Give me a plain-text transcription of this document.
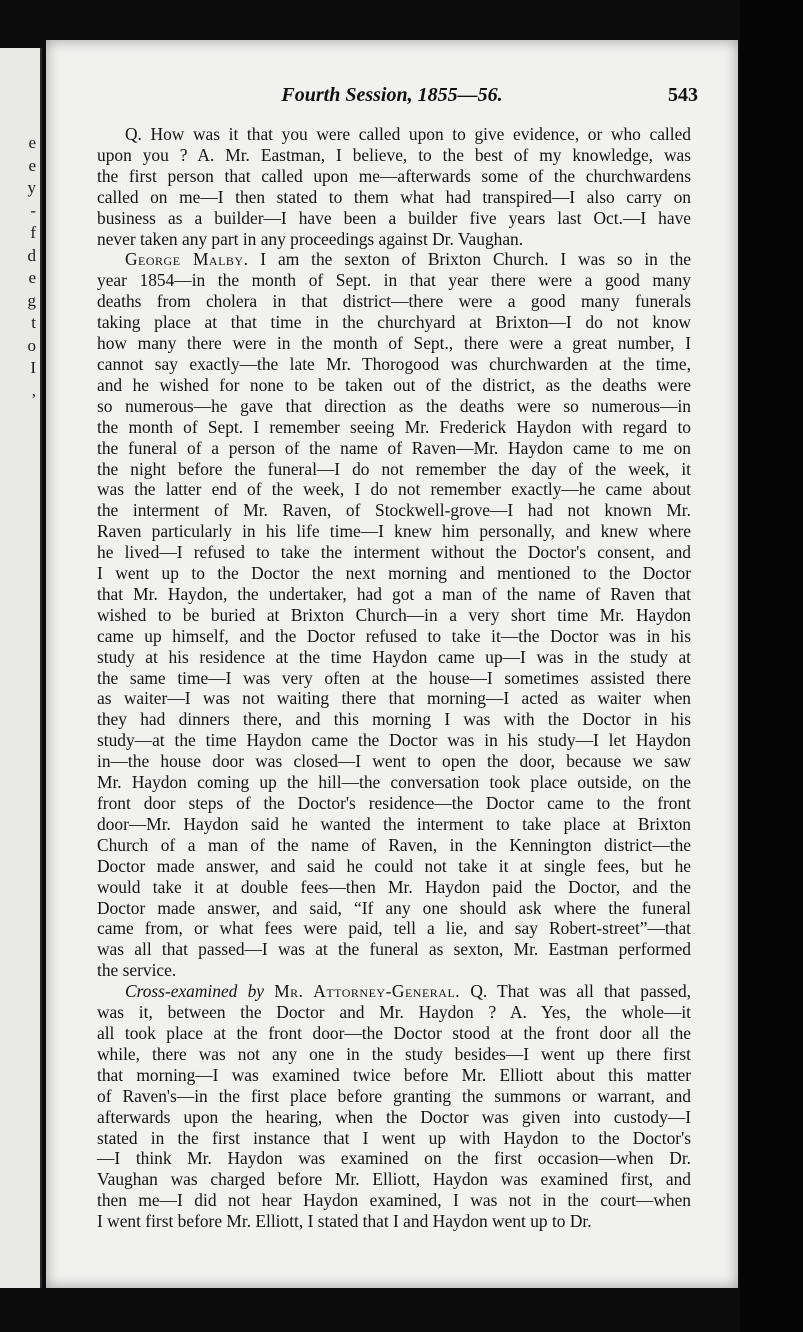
e
e
y
-
f
d
e
g
t
o
I
,
Fourth Session, 1855—56.	543
Q. How was it that you were called upon to give evidence, or who called
upon you ? A. Mr. Eastman, I believe, to the best of my knowledge, was
the first person that called upon me—afterwards some of the churchwardens
called on me—I then stated to them what had transpired—I also carry on
business as a builder—I have been a builder five years last Oct.—I have
never taken any part in any proceedings against Dr. Vaughan.
George Malby. I am the sexton of Brixton Church. I was so in the
year 1854—in the month of Sept. in that year there were a good many
deaths from cholera in that district—there were a good many funerals
taking place at that time in the churchyard at Brixton—I do not know
how many there were in the month of Sept., there were a great number, I
cannot say exactly—the late Mr. Thorogood was churchwarden at the time,
and he wished for none to be taken out of the district, as the deaths were
so numerous—he gave that direction as the deaths were so numerous—in
the month of Sept. I remember seeing Mr. Frederick Haydon with regard to
the funeral of a person of the name of Raven—Mr. Haydon came to me on
the night before the funeral—I do not remember the day of the week, it
was the latter end of the week, I do not remember exactly—he came about
the interment of Mr. Raven, of Stockwell-grove—I had not known Mr.
Raven particularly in his life time—I knew him personally, and knew where
he lived—I refused to take the interment without the Doctor's consent, and
I went up to the Doctor the next morning and mentioned to the Doctor
that Mr. Haydon, the undertaker, had got a man of the name of Raven that
wished to be buried at Brixton Church—in a very short time Mr. Haydon
came up himself, and the Doctor refused to take it—the Doctor was in his
study at his residence at the time Haydon came up—I was in the study at
the same time—I was very often at the house—I sometimes assisted there
as waiter—I was not waiting there that morning—I acted as waiter when
they had dinners there, and this morning I was with the Doctor in his
study—at the time Haydon came the Doctor was in his study—I let Haydon
in—the house door was closed—I went to open the door, because we saw
Mr. Haydon coming up the hill—the conversation took place outside, on the
front door steps of the Doctor's residence—the Doctor came to the front
door—Mr. Haydon said he wanted the interment to take place at Brixton
Church of a man of the name of Raven, in the Kennington district—the
Doctor made answer, and said he could not take it at single fees, but he
would take it at double fees—then Mr. Haydon paid the Doctor, and the
Doctor made answer, and said, “If any one should ask where the funeral
came from, or what fees were paid, tell a lie, and say Robert-street”—that
was all that passed—I was at the funeral as sexton, Mr. Eastman performed
the service.
Cross-examined by Mr. Attorney-General. Q. That was all that passed,
was it, between the Doctor and Mr. Haydon ? A. Yes, the whole—it
all took place at the front door—the Doctor stood at the front door all the
while, there was not any one in the study besides—I went up there first
that morning—I was examined twice before Mr. Elliott about this matter
of Raven's—in the first place before granting the summons or warrant, and
afterwards upon the hearing, when the Doctor was given into custody—I
stated in the first instance that I went up with Haydon to the Doctor's
—I think Mr. Haydon was examined on the first occasion—when Dr.
Vaughan was charged before Mr. Elliott, Haydon was examined first, and
then me—I did not hear Haydon examined, I was not in the court—when
I went first before Mr. Elliott, I stated that I and Haydon went up to Dr.
